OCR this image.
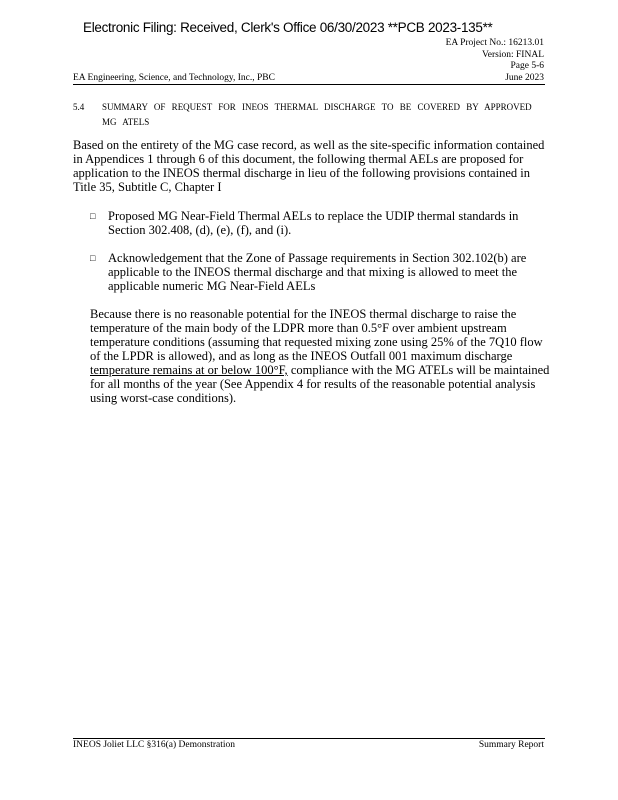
Electronic Filing: Received, Clerk's Office 06/30/2023 **PCB 2023-135**
EA Project No.: 16213.01
Version: FINAL
Page 5-6
June 2023
EA Engineering, Science, and Technology, Inc., PBC
5.4 SUMMARY OF REQUEST FOR INEOS THERMAL DISCHARGE TO BE COVERED BY APPROVED MG ATELS
Based on the entirety of the MG case record, as well as the site-specific information contained in Appendices 1 through 6 of this document, the following thermal AELs are proposed for application to the INEOS thermal discharge in lieu of the following provisions contained in Title 35, Subtitle C, Chapter I
□ Proposed MG Near-Field Thermal AELs to replace the UDIP thermal standards in Section 302.408, (d), (e), (f), and (i).
□ Acknowledgement that the Zone of Passage requirements in Section 302.102(b) are applicable to the INEOS thermal discharge and that mixing is allowed to meet the applicable numeric MG Near-Field AELs
Because there is no reasonable potential for the INEOS thermal discharge to raise the temperature of the main body of the LDPR more than 0.5°F over ambient upstream temperature conditions (assuming that requested mixing zone using 25% of the 7Q10 flow of the LPDR is allowed), and as long as the INEOS Outfall 001 maximum discharge temperature remains at or below 100°F, compliance with the MG ATELs will be maintained for all months of the year (See Appendix 4 for results of the reasonable potential analysis using worst-case conditions).
INEOS Joliet LLC §316(a) Demonstration	Summary Report
